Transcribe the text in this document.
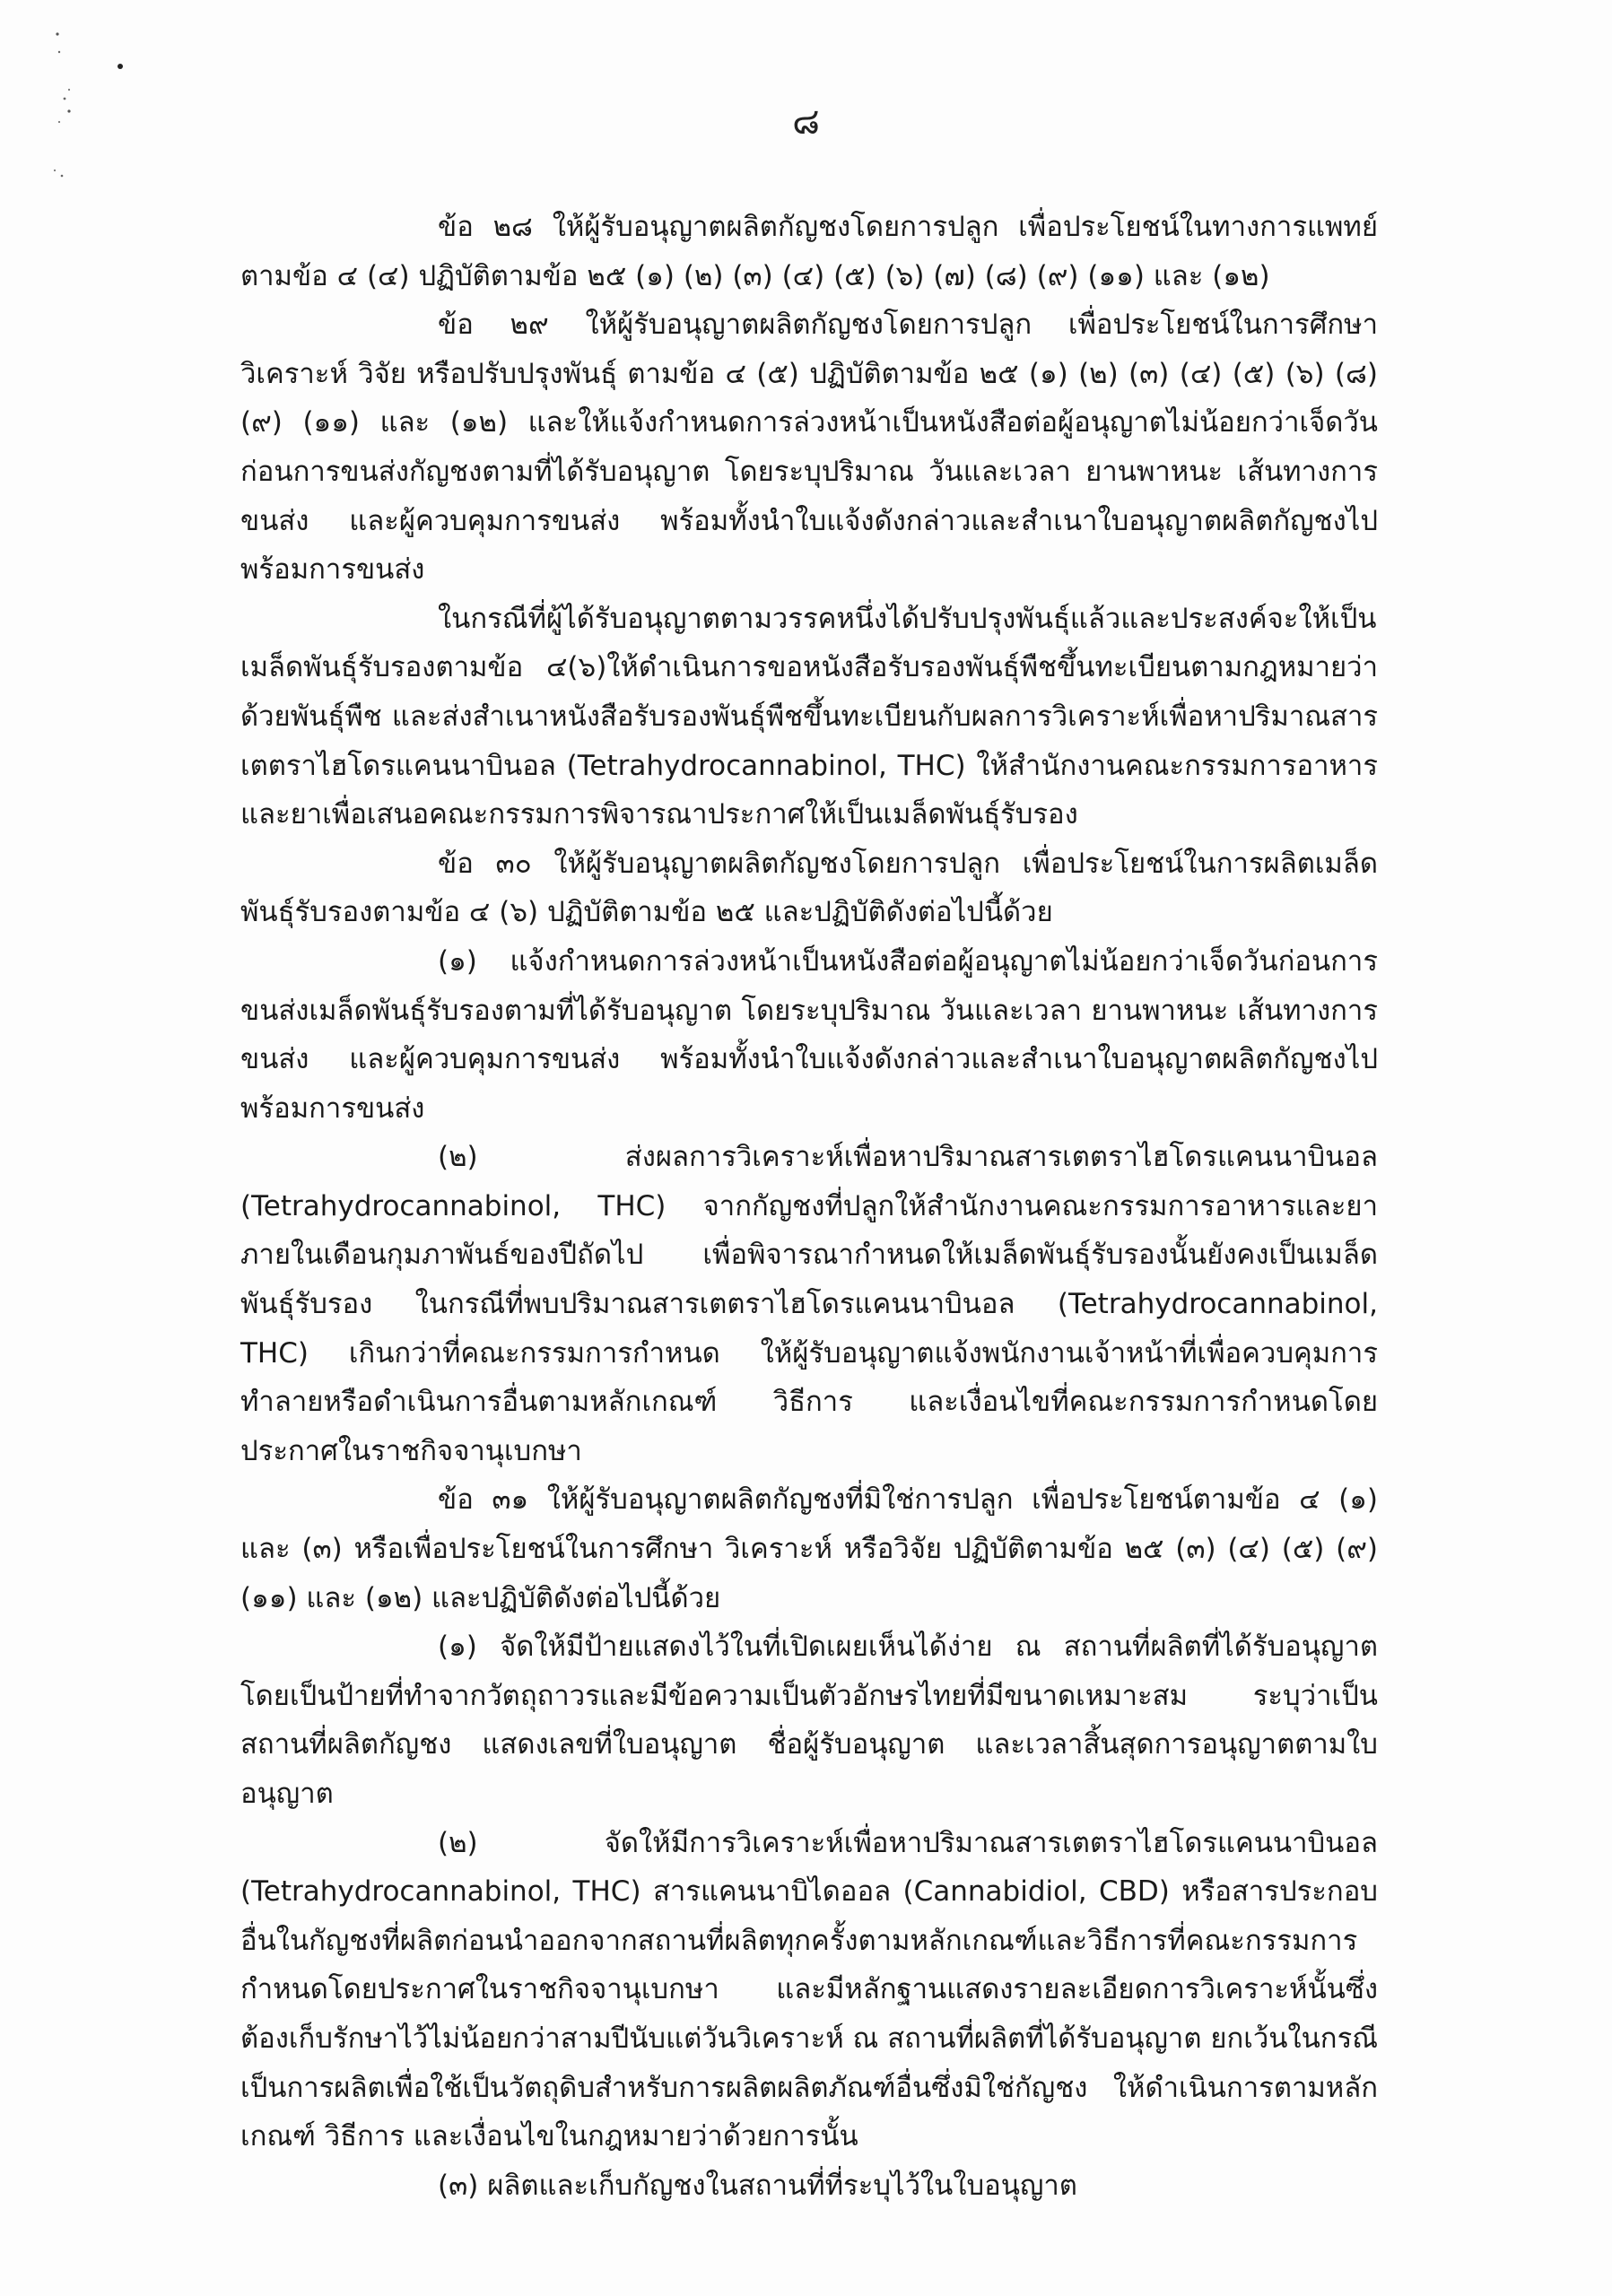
๘

ข้อ ๒๘ ให้ผู้รับอนุญาตผลิตกัญชงโดยการปลูก เพื่อประโยชน์ในทางการแพทย์ ตามข้อ ๔ (๔) ปฏิบัติตามข้อ ๒๕ (๑) (๒) (๓) (๔) (๕) (๖) (๗) (๘) (๙) (๑๑) และ (๑๒)

ข้อ ๒๙ ให้ผู้รับอนุญาตผลิตกัญชงโดยการปลูก เพื่อประโยชน์ในการศึกษา วิเคราะห์ วิจัย หรือปรับปรุงพันธุ์ ตามข้อ ๔ (๕) ปฏิบัติตามข้อ ๒๕ (๑) (๒) (๓) (๔) (๕) (๖) (๘) (๙) (๑๑) และ (๑๒) และให้แจ้งกำหนดการล่วงหน้าเป็นหนังสือต่อผู้อนุญาตไม่น้อยกว่าเจ็ดวันก่อนการขนส่งกัญชงตามที่ได้รับอนุญาต โดยระบุปริมาณ วันและเวลา ยานพาหนะ เส้นทางการขนส่ง และผู้ควบคุมการขนส่ง พร้อมทั้งนำใบแจ้งดังกล่าวและสำเนาใบอนุญาตผลิตกัญชงไปพร้อมการขนส่ง

ในกรณีที่ผู้ได้รับอนุญาตตามวรรคหนึ่งได้ปรับปรุงพันธุ์แล้วและประสงค์จะให้เป็นเมล็ดพันธุ์รับรองตามข้อ ๔(๖)ให้ดำเนินการขอหนังสือรับรองพันธุ์พืชขึ้นทะเบียนตามกฎหมายว่าด้วยพันธุ์พืช และส่งสำเนาหนังสือรับรองพันธุ์พืชขึ้นทะเบียนกับผลการวิเคราะห์เพื่อหาปริมาณสารเตตราไฮโดรแคนนาบินอล (Tetrahydrocannabinol, THC) ให้สำนักงานคณะกรรมการอาหารและยาเพื่อเสนอคณะกรรมการพิจารณาประกาศให้เป็นเมล็ดพันธุ์รับรอง

ข้อ ๓๐ ให้ผู้รับอนุญาตผลิตกัญชงโดยการปลูก เพื่อประโยชน์ในการผลิตเมล็ดพันธุ์รับรองตามข้อ ๔ (๖) ปฏิบัติตามข้อ ๒๕ และปฏิบัติดังต่อไปนี้ด้วย

(๑) แจ้งกำหนดการล่วงหน้าเป็นหนังสือต่อผู้อนุญาตไม่น้อยกว่าเจ็ดวันก่อนการขนส่งเมล็ดพันธุ์รับรองตามที่ได้รับอนุญาต โดยระบุปริมาณ วันและเวลา ยานพาหนะ เส้นทางการขนส่ง และผู้ควบคุมการขนส่ง พร้อมทั้งนำใบแจ้งดังกล่าวและสำเนาใบอนุญาตผลิตกัญชงไปพร้อมการขนส่ง

(๒) ส่งผลการวิเคราะห์เพื่อหาปริมาณสารเตตราไฮโดรแคนนาบินอล (Tetrahydrocannabinol, THC) จากกัญชงที่ปลูกให้สำนักงานคณะกรรมการอาหารและยา ภายในเดือนกุมภาพันธ์ของปีถัดไป เพื่อพิจารณากำหนดให้เมล็ดพันธุ์รับรองนั้นยังคงเป็นเมล็ดพันธุ์รับรอง ในกรณีที่พบปริมาณสารเตตราไฮโดรแคนนาบินอล (Tetrahydrocannabinol, THC) เกินกว่าที่คณะกรรมการกำหนด ให้ผู้รับอนุญาตแจ้งพนักงานเจ้าหน้าที่เพื่อควบคุมการทำลายหรือดำเนินการอื่นตามหลักเกณฑ์ วิธีการ และเงื่อนไขที่คณะกรรมการกำหนดโดยประกาศในราชกิจจานุเบกษา

ข้อ ๓๑ ให้ผู้รับอนุญาตผลิตกัญชงที่มิใช่การปลูก เพื่อประโยชน์ตามข้อ ๔ (๑) และ (๓) หรือเพื่อประโยชน์ในการศึกษา วิเคราะห์ หรือวิจัย ปฏิบัติตามข้อ ๒๕ (๓) (๔) (๕) (๙) (๑๑) และ (๑๒) และปฏิบัติดังต่อไปนี้ด้วย

(๑) จัดให้มีป้ายแสดงไว้ในที่เปิดเผยเห็นได้ง่าย ณ สถานที่ผลิตที่ได้รับอนุญาต โดยเป็นป้ายที่ทำจากวัตถุถาวรและมีข้อความเป็นตัวอักษรไทยที่มีขนาดเหมาะสม ระบุว่าเป็นสถานที่ผลิตกัญชง แสดงเลขที่ใบอนุญาต ชื่อผู้รับอนุญาต และเวลาสิ้นสุดการอนุญาตตามใบอนุญาต

(๒) จัดให้มีการวิเคราะห์เพื่อหาปริมาณสารเตตราไฮโดรแคนนาบินอล (Tetrahydrocannabinol, THC) สารแคนนาบิไดออล (Cannabidiol, CBD) หรือสารประกอบอื่นในกัญชงที่ผลิตก่อนนำออกจากสถานที่ผลิตทุกครั้งตามหลักเกณฑ์และวิธีการที่คณะกรรมการกำหนดโดยประกาศในราชกิจจานุเบกษา และมีหลักฐานแสดงรายละเอียดการวิเคราะห์นั้นซึ่งต้องเก็บรักษาไว้ไม่น้อยกว่าสามปีนับแต่วันวิเคราะห์ ณ สถานที่ผลิตที่ได้รับอนุญาต ยกเว้นในกรณีเป็นการผลิตเพื่อใช้เป็นวัตถุดิบสำหรับการผลิตผลิตภัณฑ์อื่นซึ่งมิใช่กัญชง ให้ดำเนินการตามหลักเกณฑ์ วิธีการ และเงื่อนไขในกฎหมายว่าด้วยการนั้น

(๓) ผลิตและเก็บกัญชงในสถานที่ที่ระบุไว้ในใบอนุญาต
